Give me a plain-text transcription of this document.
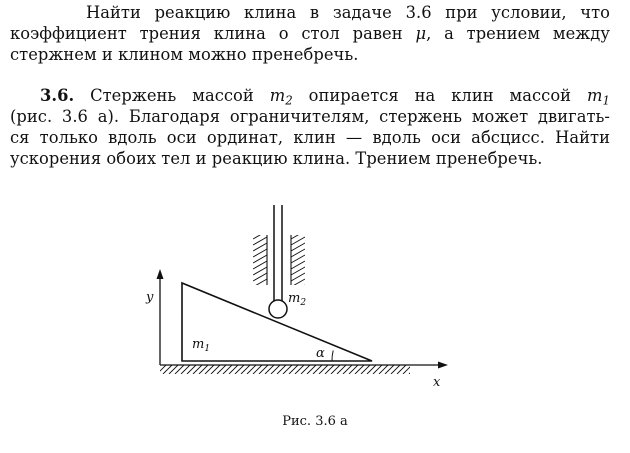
Найти реакцию клина в задаче 3.6 при условии, что
коэффициент трения клина о стол равен μ, а трением между
стержнем и клином можно пренебречь.

3.6. Стержень массой $m_2$ опирается на клин массой $m_1$
(рис. 3.6 а). Благодаря ограничителям, стержень может двигать-
ся только вдоль оси ординат, клин — вдоль оси абсцисс. Найти
ускорения обоих тел и реакцию клина. Трением пренебречь.

y
x
$m_1$	α
$m_2$

Рис. 3.6 а
